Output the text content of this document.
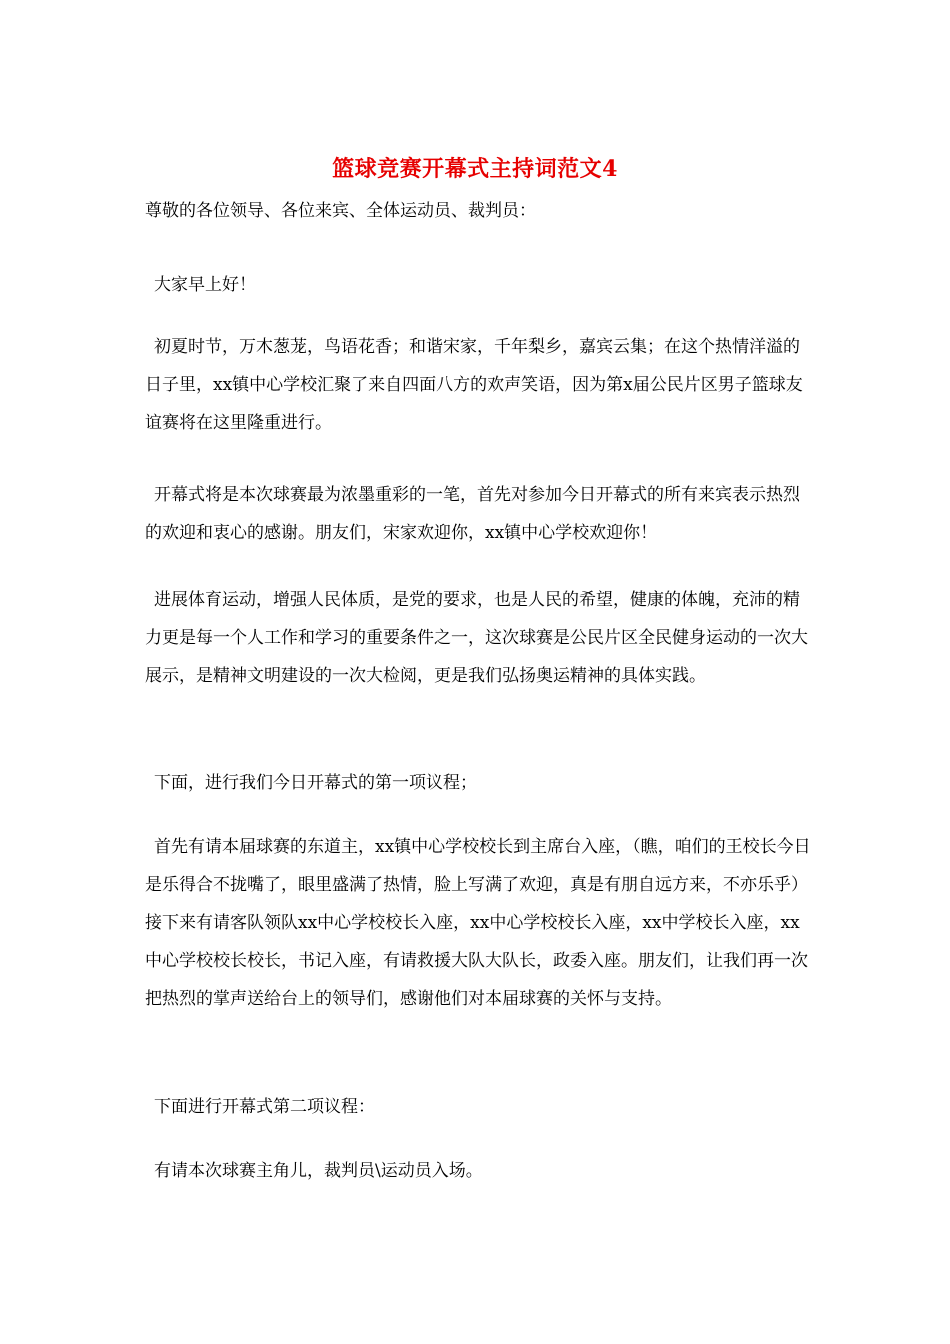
篮球竞赛开幕式主持词范文4
尊敬的各位领导、各位来宾、全体运动员、裁判员：

大家早上好！

初夏时节，万木葱茏，鸟语花香；和谐宋家，千年梨乡，嘉宾云集；在这个热情洋溢的日子里，xx镇中心学校汇聚了来自四面八方的欢声笑语，因为第x届公民片区男子篮球友谊赛将在这里隆重进行。

开幕式将是本次球赛最为浓墨重彩的一笔，首先对参加今日开幕式的所有来宾表示热烈的欢迎和衷心的感谢。朋友们，宋家欢迎你，xx镇中心学校欢迎你！

进展体育运动，增强人民体质，是党的要求，也是人民的希望，健康的体魄，充沛的精力更是每一个人工作和学习的重要条件之一，这次球赛是公民片区全民健身运动的一次大展示，是精神文明建设的一次大检阅，更是我们弘扬奥运精神的具体实践。

下面，进行我们今日开幕式的第一项议程；

首先有请本届球赛的东道主，xx镇中心学校校长到主席台入座，（瞧，咱们的王校长今日是乐得合不拢嘴了，眼里盛满了热情，脸上写满了欢迎，真是有朋自远方来，不亦乐乎）接下来有请客队领队xx中心学校校长入座，xx中心学校校长入座，xx中学校长入座，xx中心学校校长校长，书记入座，有请救援大队大队长，政委入座。朋友们，让我们再一次把热烈的掌声送给台上的领导们，感谢他们对本届球赛的关怀与支持。

下面进行开幕式第二项议程：

有请本次球赛主角儿，裁判员\运动员入场。
